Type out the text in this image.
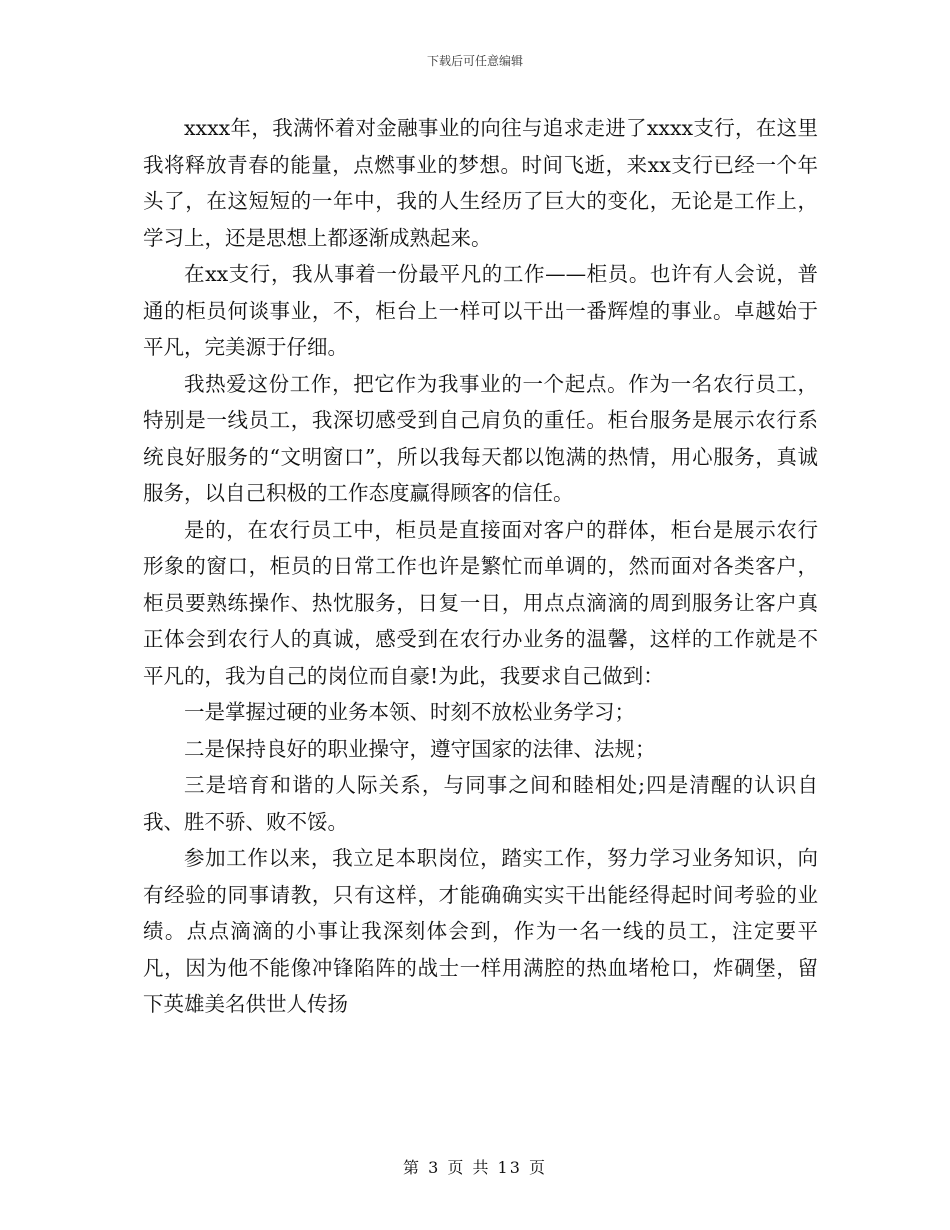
下载后可任意编辑

xxxx年，我满怀着对金融事业的向往与追求走进了xxxx支行，在这里我将释放青春的能量，点燃事业的梦想。时间飞逝，来xx支行已经一个年头了，在这短短的一年中，我的人生经历了巨大的变化，无论是工作上，学习上，还是思想上都逐渐成熟起来。

在xx支行，我从事着一份最平凡的工作——柜员。也许有人会说，普通的柜员何谈事业，不，柜台上一样可以干出一番辉煌的事业。卓越始于平凡，完美源于仔细。

我热爱这份工作，把它作为我事业的一个起点。作为一名农行员工，特别是一线员工，我深切感受到自己肩负的重任。柜台服务是展示农行系统良好服务的“文明窗口”，所以我每天都以饱满的热情，用心服务，真诚服务，以自己积极的工作态度赢得顾客的信任。

是的，在农行员工中，柜员是直接面对客户的群体，柜台是展示农行形象的窗口，柜员的日常工作也许是繁忙而单调的，然而面对各类客户，柜员要熟练操作、热忱服务，日复一日，用点点滴滴的周到服务让客户真正体会到农行人的真诚，感受到在农行办业务的温馨，这样的工作就是不平凡的，我为自己的岗位而自豪!为此，我要求自己做到：

一是掌握过硬的业务本领、时刻不放松业务学习；

二是保持良好的职业操守，遵守国家的法律、法规；

三是培育和谐的人际关系，与同事之间和睦相处;四是清醒的认识自我、胜不骄、败不馁。

参加工作以来，我立足本职岗位，踏实工作，努力学习业务知识，向有经验的同事请教，只有这样，才能确确实实干出能经得起时间考验的业绩。点点滴滴的小事让我深刻体会到，作为一名一线的员工，注定要平凡，因为他不能像冲锋陷阵的战士一样用满腔的热血堵枪口，炸碉堡，留下英雄美名供世人传扬

第 3 页 共 13 页
